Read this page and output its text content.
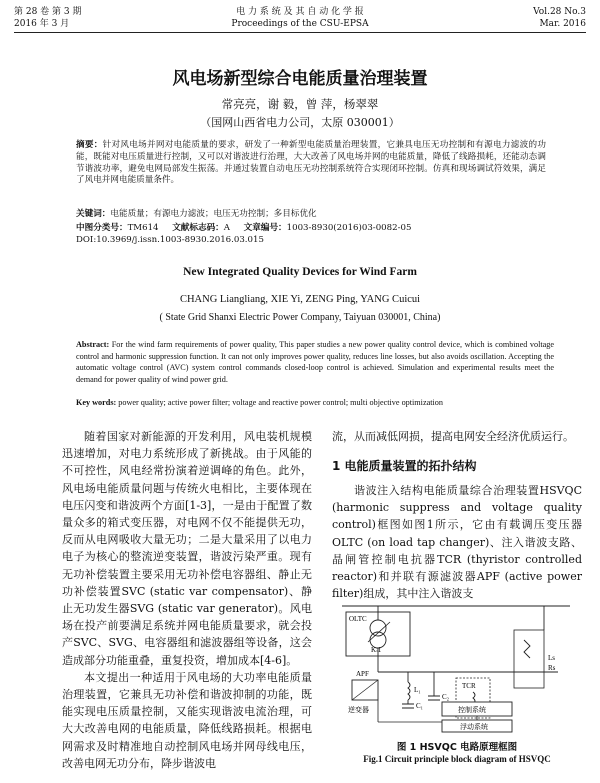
第 28 卷 第 3 期
2016 年 3 月
电 力 系 统 及 其 自 动 化 学 报
Proceedings of the CSU-EPSA
Vol.28 No.3
Mar. 2016
风电场新型综合电能质量治理装置
常亮亮，谢 毅，曾 萍，杨翠翠
（国网山西省电力公司，太原 030001）
摘要：针对风电场并网对电能质量的要求，研发了一种新型电能质量治理装置，它兼具电压无功控制和有源电力滤波的功能，既能对电压质量进行控制，又可以对谐波进行治理，大大改善了风电场并网的电能质量，降低了线路损耗，还能动态调节谐波功率，避免电网局部发生振荡。并通过装置自动电压无功控制系统符合实现闭环控制。仿真和现场调试符效果，满足了风电并网电能质量条件。
关键词：电能质量；有源电力滤波；电压无功控制；多目标优化
中图分类号：TM614 文献标志码：A 文章编号：1003-8930(2016)03-0082-05
DOI:10.3969/j.issn.1003-8930.2016.03.015
New Integrated Quality Devices for Wind Farm
CHANG Liangliang, XIE Yi, ZENG Ping, YANG Cuicui
( State Grid Shanxi Electric Power Company, Taiyuan 030001, China)
Abstract: For the wind farm requirements of power quality, This paper studies a new power quality control device, which is combined voltage control and harmonic suppression function. It can not only improves power quality, reduces line losses, but also avoids oscillation. Accepting the automatic voltage control (AVC) system control commands closed-loop control is achieved. Simulation and experimental results meet the demand for power quality of wind power grid.
Key words: power quality; active power filter; voltage and reactive power control; multi objective optimization

随着国家对新能源的开发利用，风电装机规模迅速增加，对电力系统形成了新挑战。由于风能的不可控性，风电经常扮演着逆调峰的角色。此外，风电场电能质量问题与传统火电相比，主要体现在电压闪变和谐波两个方面[1-3]，一是由于配置了数量众多的箱式变压器，对电网不仅不能提供无功，反而从电网吸收大量无功；二是大量采用了以电力电子为核心的整流逆变装置，谐波污染严重。现有无功补偿装置主要采用无功补偿电容器组、静止无功补偿装置SVC (static var compensator)、静止无功发生器SVG (static var generator)。风电场在投产前要满足系统并网电能质量要求，就会投产SVC、SVG、电容器组和滤波器组等设备，这会造成部分功能重叠，重复投资，增加成本[4-6]。

本文提出一种适用于风电场的大功率电能质量治理装置，它兼具无功补偿和谐波抑制的功能，既能实现电压质量控制，又能实现谐波电流治理，可大大改善电网的电能质量，降低线路损耗。根据电网需求及时精准地自动控制风电场并网母线电压，改善电网无功分布，降步谐波电

流，从而减低网损，提高电网安全经济优质运行。
1 电能质量装置的拓扑结构

谐波注入结构电能质量综合治理装置HSVQC (harmonic suppress and voltage quality control)框图如图1所示，它由有载调压变压器OLTC (on load tap changer)、注入谐波支路、晶闸管控制电抗器TCR (thyristor controlled reactor)和并联有源滤波器APF (active power filter)组成，其中注入谐波支

OLTC
K∶1
APF
逆变器
L₁
C₁
C₂
TCR
Ls
Rs
控制系统
浮动系统
图 1 HSVQC 电路原理框图
Fig.1 Circuit principle block diagram of HSVQC
